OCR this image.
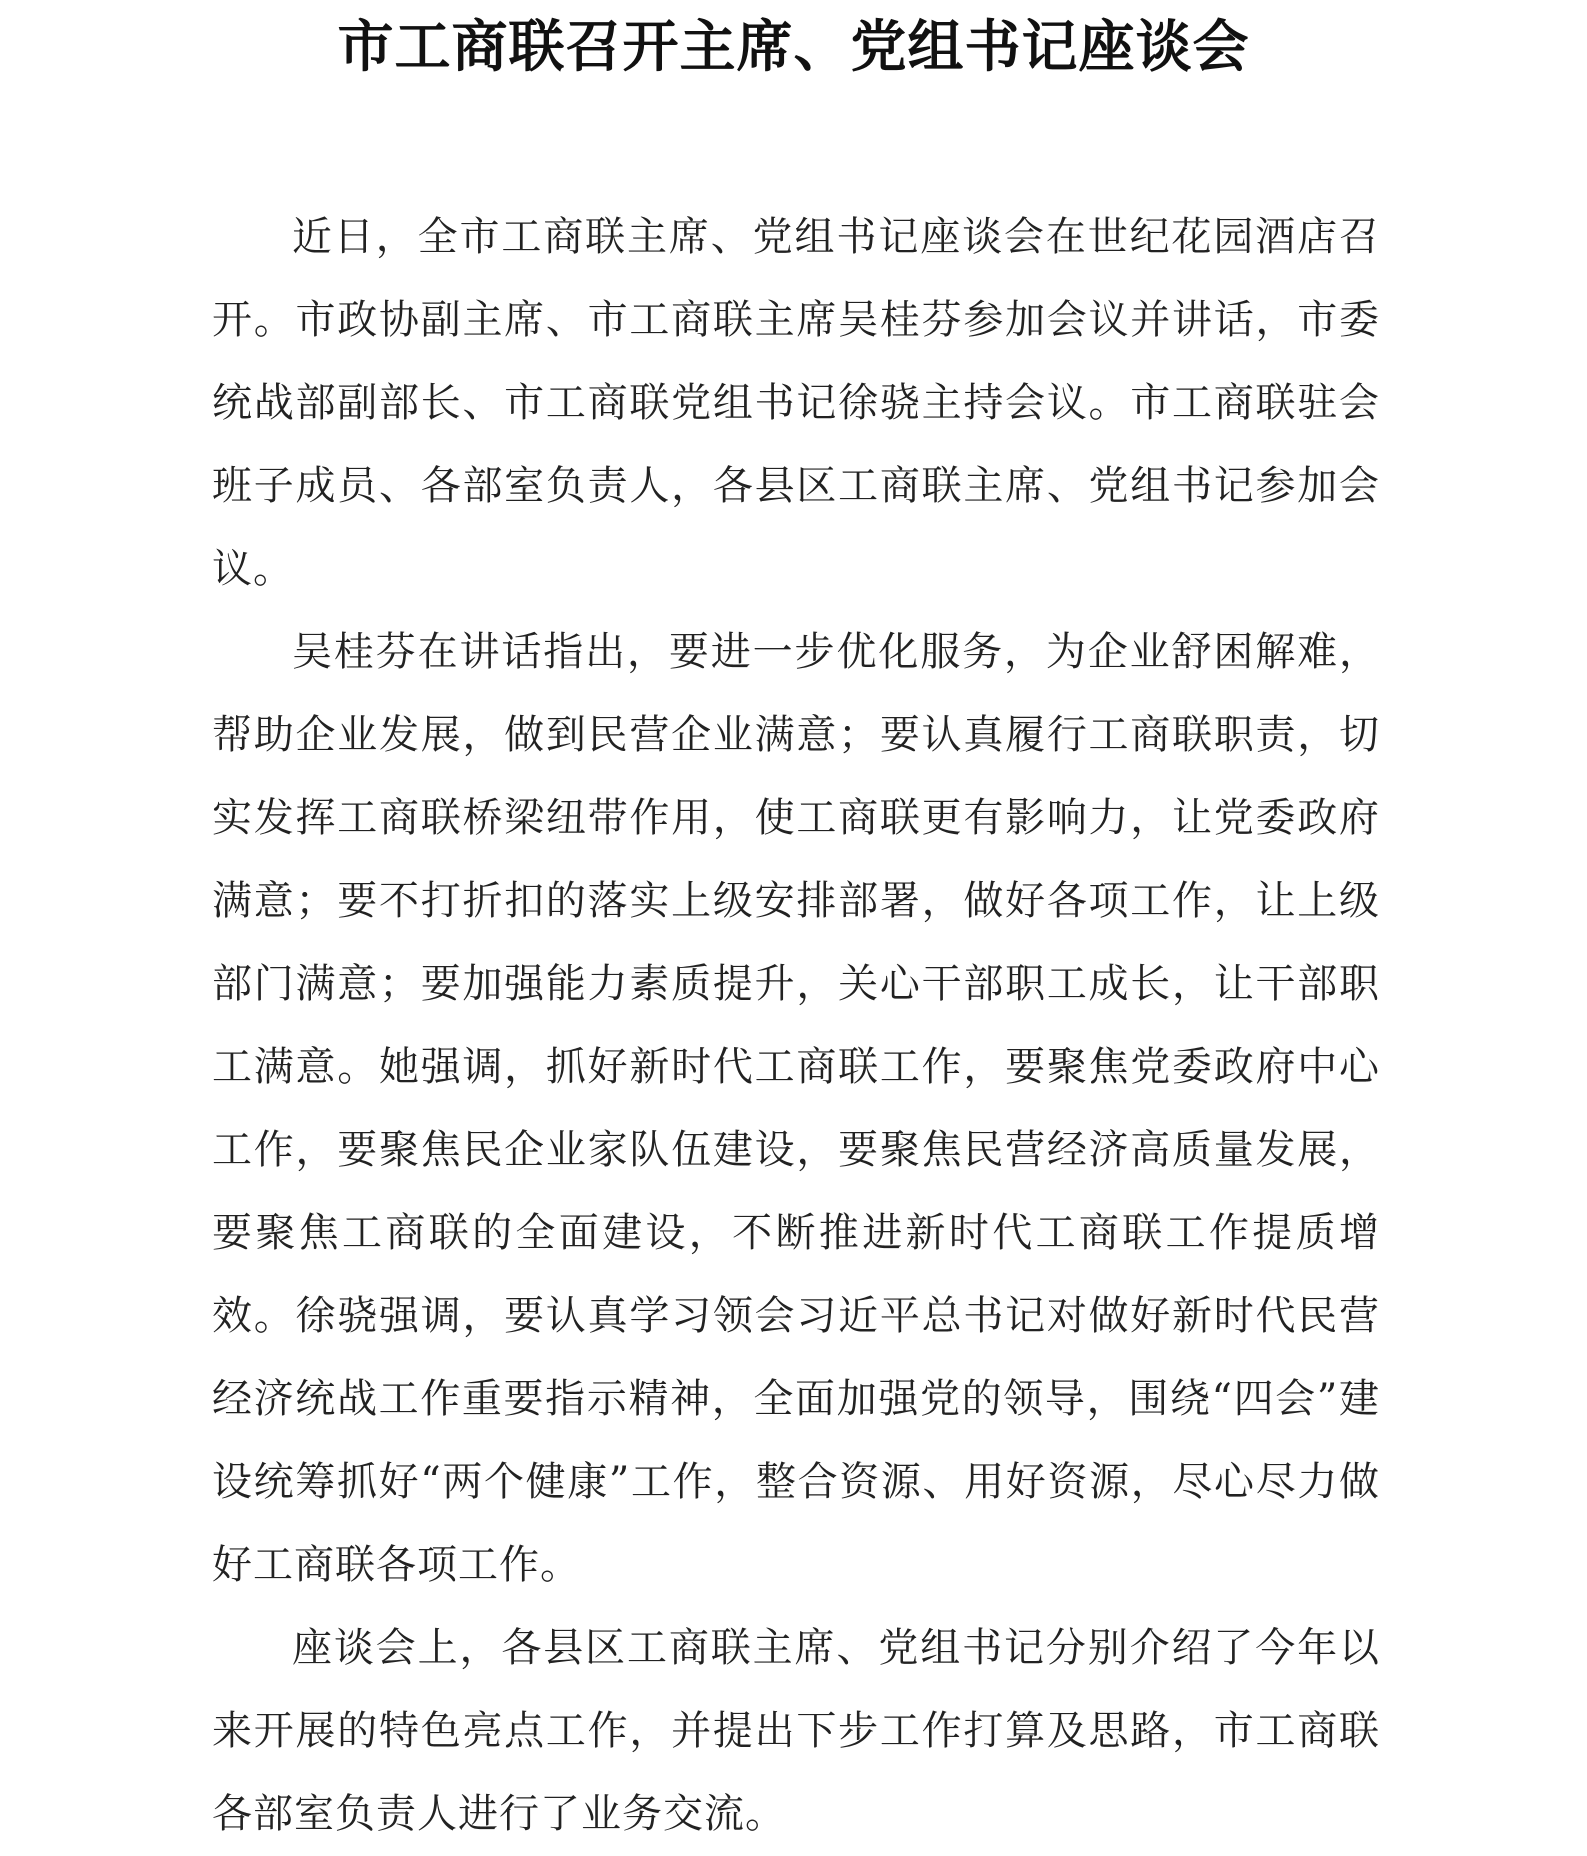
市工商联召开主席、党组书记座谈会

近日，全市工商联主席、党组书记座谈会在世纪花园酒店召开。市政协副主席、市工商联主席吴桂芬参加会议并讲话，市委统战部副部长、市工商联党组书记徐骁主持会议。市工商联驻会班子成员、各部室负责人，各县区工商联主席、党组书记参加会议。

吴桂芬在讲话指出，要进一步优化服务，为企业舒困解难，帮助企业发展，做到民营企业满意；要认真履行工商联职责，切实发挥工商联桥梁纽带作用，使工商联更有影响力，让党委政府满意；要不打折扣的落实上级安排部署，做好各项工作，让上级部门满意；要加强能力素质提升，关心干部职工成长，让干部职工满意。她强调，抓好新时代工商联工作，要聚焦党委政府中心工作，要聚焦民企业家队伍建设，要聚焦民营经济高质量发展，要聚焦工商联的全面建设，不断推进新时代工商联工作提质增效。徐骁强调，要认真学习领会习近平总书记对做好新时代民营经济统战工作重要指示精神，全面加强党的领导，围绕“四会”建设统筹抓好“两个健康”工作，整合资源、用好资源，尽心尽力做好工商联各项工作。

座谈会上，各县区工商联主席、党组书记分别介绍了今年以来开展的特色亮点工作，并提出下步工作打算及思路，市工商联各部室负责人进行了业务交流。
